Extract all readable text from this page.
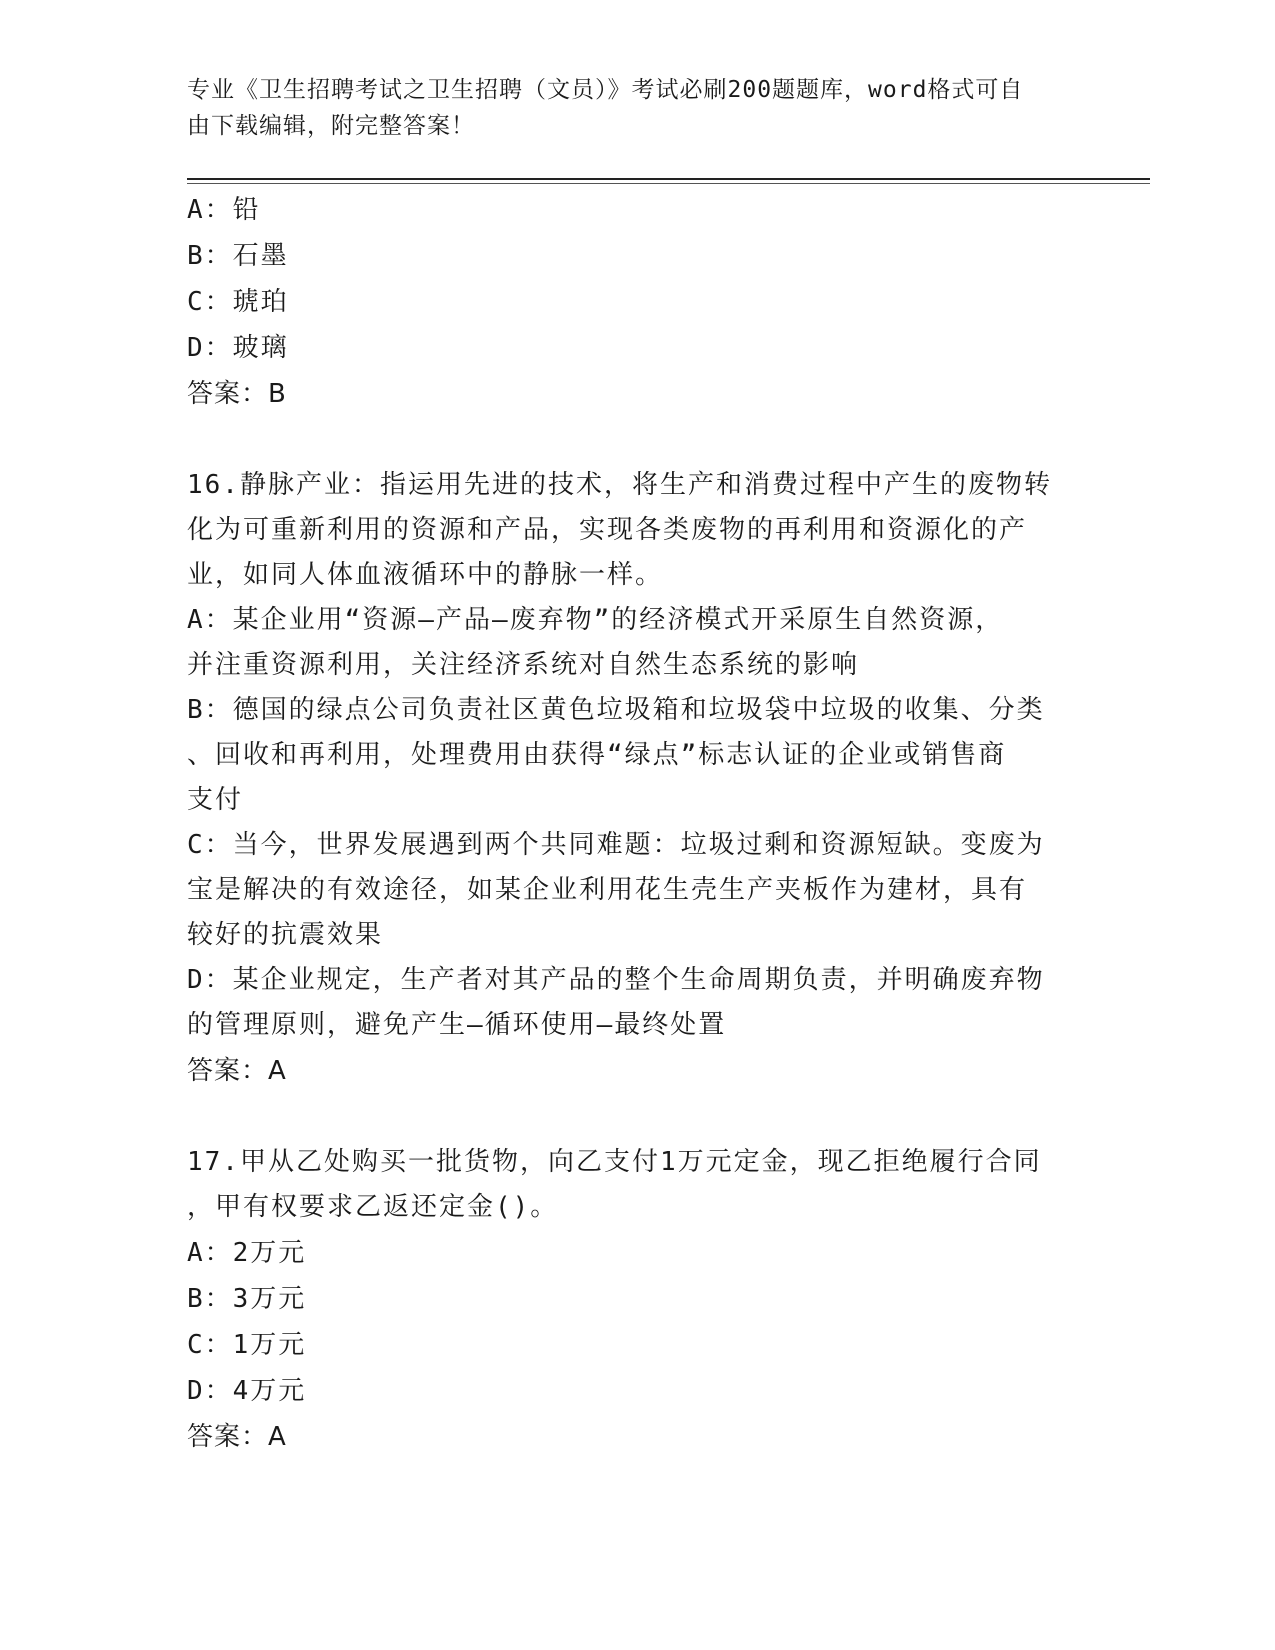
专业《卫生招聘考试之卫生招聘（文员）》考试必刷200题题库，word格式可自
由下载编辑，附完整答案！
A：铅
B：石墨
C：琥珀
D：玻璃
答案：B
16.静脉产业：指运用先进的技术，将生产和消费过程中产生的废物转
化为可重新利用的资源和产品，实现各类废物的再利用和资源化的产
业，如同人体血液循环中的静脉一样。
A：某企业用“资源—产品—废弃物”的经济模式开采原生自然资源，
并注重资源利用，关注经济系统对自然生态系统的影响
B：德国的绿点公司负责社区黄色垃圾箱和垃圾袋中垃圾的收集、分类
、回收和再利用，处理费用由获得“绿点”标志认证的企业或销售商
支付
C：当今，世界发展遇到两个共同难题：垃圾过剩和资源短缺。变废为
宝是解决的有效途径，如某企业利用花生壳生产夹板作为建材，具有
较好的抗震效果
D：某企业规定，生产者对其产品的整个生命周期负责，并明确废弃物
的管理原则，避免产生—循环使用—最终处置
答案：A
17.甲从乙处购买一批货物，向乙支付1万元定金，现乙拒绝履行合同
，甲有权要求乙返还定金()。
A：2万元
B：3万元
C：1万元
D：4万元
答案：A
